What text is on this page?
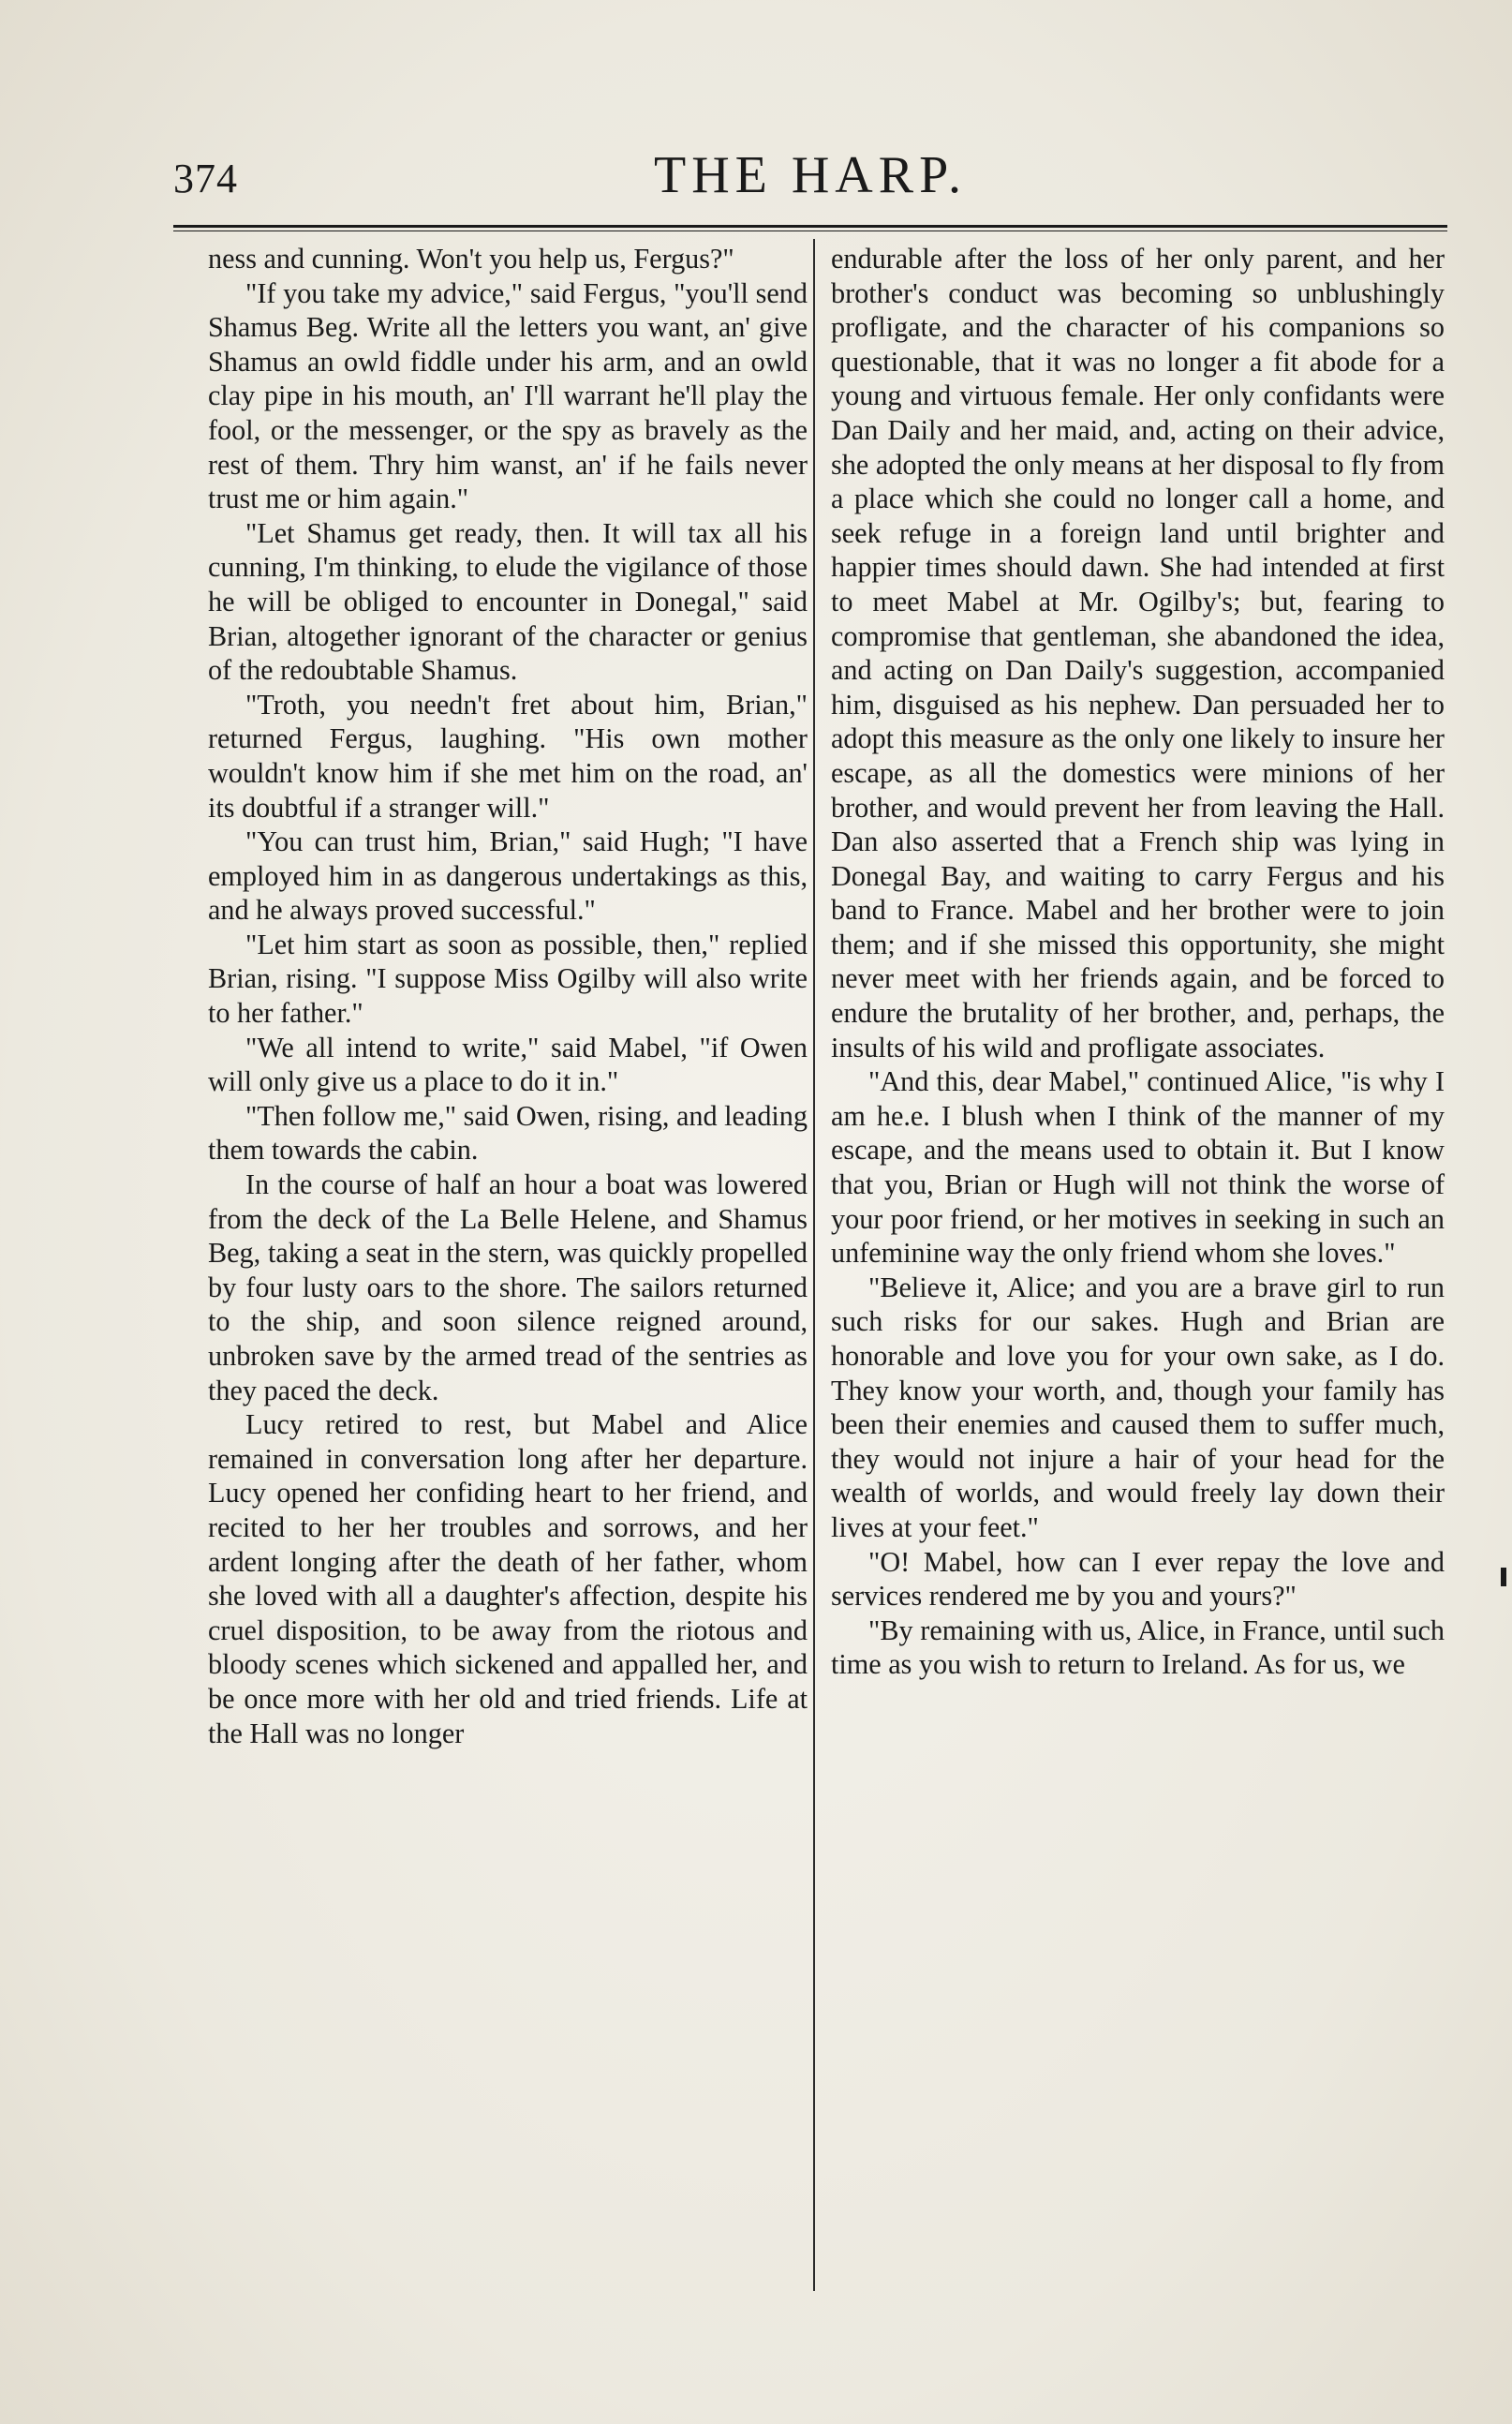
374	THE HARP.

ness and cunning. Won't you help us, Fergus?"

"If you take my advice," said Fergus, "you'll send Shamus Beg. Write all the letters you want, an' give Shamus an owld fiddle under his arm, and an owld clay pipe in his mouth, an' I'll warrant he'll play the fool, or the messenger, or the spy as bravely as the rest of them. Thry him wanst, an' if he fails never trust me or him again."

"Let Shamus get ready, then. It will tax all his cunning, I'm thinking, to elude the vigilance of those he will be obliged to encounter in Donegal," said Brian, altogether ignorant of the character or genius of the redoubtable Shamus.

"Troth, you needn't fret about him, Brian," returned Fergus, laughing. "His own mother wouldn't know him if she met him on the road, an' its doubtful if a stranger will."

"You can trust him, Brian," said Hugh; "I have employed him in as dangerous undertakings as this, and he always proved successful."

"Let him start as soon as possible, then," replied Brian, rising. "I suppose Miss Ogilby will also write to her father."

"We all intend to write," said Mabel, "if Owen will only give us a place to do it in."

"Then follow me," said Owen, rising, and leading them towards the cabin.

In the course of half an hour a boat was lowered from the deck of the La Belle Helene, and Shamus Beg, taking a seat in the stern, was quickly propelled by four lusty oars to the shore. The sailors returned to the ship, and soon silence reigned around, unbroken save by the armed tread of the sentries as they paced the deck.

Lucy retired to rest, but Mabel and Alice remained in conversation long after her departure. Lucy opened her confiding heart to her friend, and recited to her her troubles and sorrows, and her ardent longing after the death of her father, whom she loved with all a daughter's affection, despite his cruel disposition, to be away from the riotous and bloody scenes which sickened and appalled her, and be once more with her old and tried friends. Life at the Hall was no longer

endurable after the loss of her only parent, and her brother's conduct was becoming so unblushingly profligate, and the character of his companions so questionable, that it was no longer a fit abode for a young and virtuous female. Her only confidants were Dan Daily and her maid, and, acting on their advice, she adopted the only means at her disposal to fly from a place which she could no longer call a home, and seek refuge in a foreign land until brighter and happier times should dawn. She had intended at first to meet Mabel at Mr. Ogilby's; but, fearing to compromise that gentleman, she abandoned the idea, and acting on Dan Daily's suggestion, accompanied him, disguised as his nephew. Dan persuaded her to adopt this measure as the only one likely to insure her escape, as all the domestics were minions of her brother, and would prevent her from leaving the Hall. Dan also asserted that a French ship was lying in Donegal Bay, and waiting to carry Fergus and his band to France. Mabel and her brother were to join them; and if she missed this opportunity, she might never meet with her friends again, and be forced to endure the brutality of her brother, and, perhaps, the insults of his wild and profligate associates.

"And this, dear Mabel," continued Alice, "is why I am he.e. I blush when I think of the manner of my escape, and the means used to obtain it. But I know that you, Brian or Hugh will not think the worse of your poor friend, or her motives in seeking in such an unfeminine way the only friend whom she loves."

"Believe it, Alice; and you are a brave girl to run such risks for our sakes. Hugh and Brian are honorable and love you for your own sake, as I do. They know your worth, and, though your family has been their enemies and caused them to suffer much, they would not injure a hair of your head for the wealth of worlds, and would freely lay down their lives at your feet."

"O! Mabel, how can I ever repay the love and services rendered me by you and yours?"

"By remaining with us, Alice, in France, until such time as you wish to return to Ireland. As for us, we
